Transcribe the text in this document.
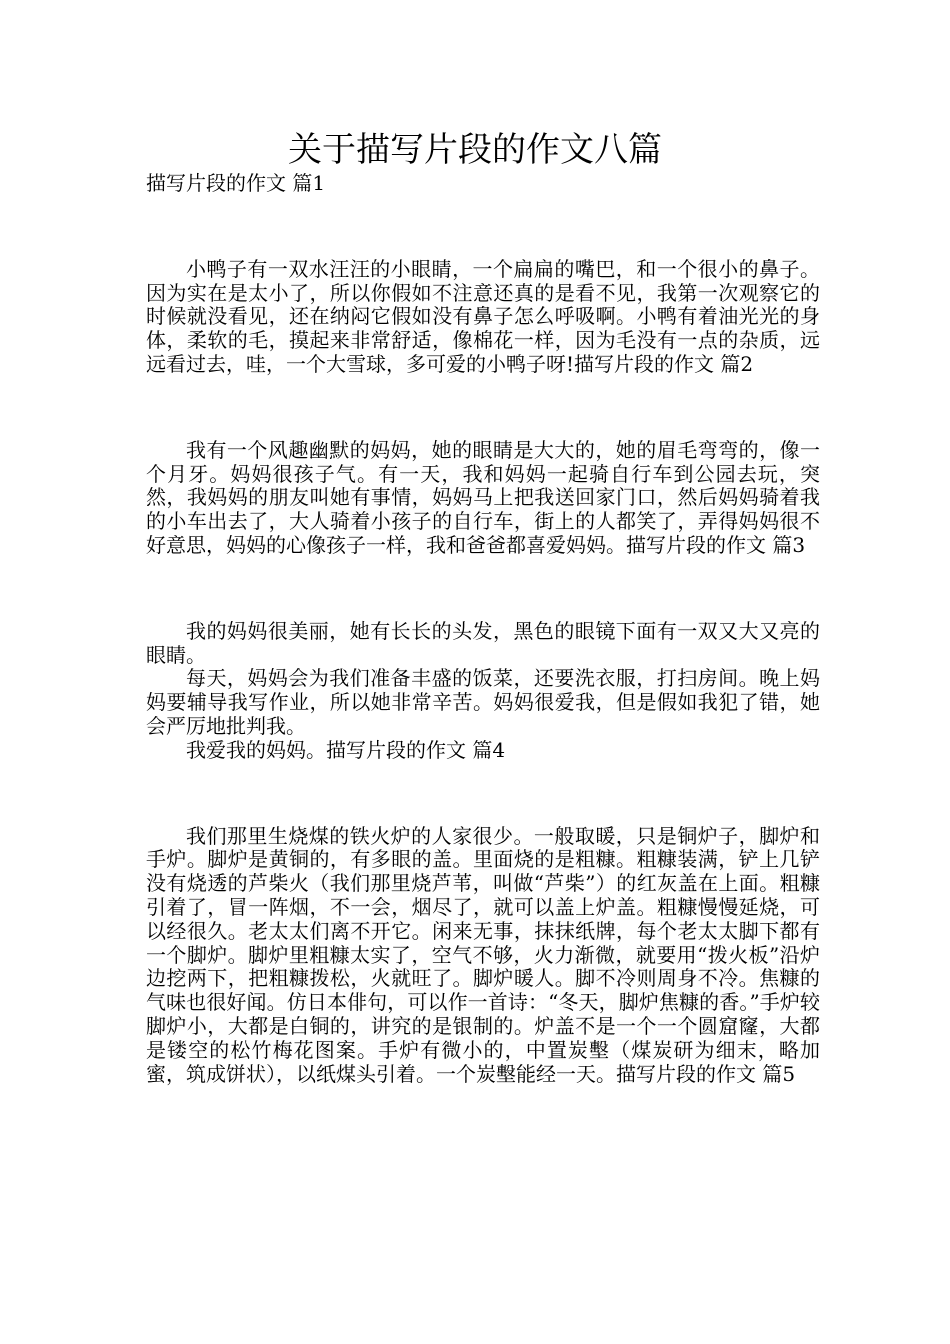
关于描写片段的作文八篇

描写片段的作文 篇1

小鸭子有一双水汪汪的小眼睛，一个扁扁的嘴巴，和一个很小的鼻子。因为实在是太小了，所以你假如不注意还真的是看不见，我第一次观察它的时候就没看见，还在纳闷它假如没有鼻子怎么呼吸啊。小鸭有着油光光的身体，柔软的毛，摸起来非常舒适，像棉花一样，因为毛没有一点的杂质，远远看过去，哇，一个大雪球，多可爱的小鸭子呀!描写片段的作文 篇2

我有一个风趣幽默的妈妈，她的眼睛是大大的，她的眉毛弯弯的，像一个月牙。妈妈很孩子气。有一天，我和妈妈一起骑自行车到公园去玩，突然，我妈妈的朋友叫她有事情，妈妈马上把我送回家门口，然后妈妈骑着我的小车出去了，大人骑着小孩子的自行车，街上的人都笑了，弄得妈妈很不好意思，妈妈的心像孩子一样，我和爸爸都喜爱妈妈。描写片段的作文 篇3

我的妈妈很美丽，她有长长的头发，黑色的眼镜下面有一双又大又亮的眼睛。

每天，妈妈会为我们准备丰盛的饭菜，还要洗衣服，打扫房间。晚上妈妈要辅导我写作业，所以她非常辛苦。妈妈很爱我，但是假如我犯了错，她会严厉地批判我。

我爱我的妈妈。描写片段的作文 篇4

我们那里生烧煤的铁火炉的人家很少。一般取暖，只是铜炉子，脚炉和手炉。脚炉是黄铜的，有多眼的盖。里面烧的是粗糠。粗糠装满，铲上几铲没有烧透的芦柴火（我们那里烧芦苇，叫做“芦柴”）的红灰盖在上面。粗糠引着了，冒一阵烟，不一会，烟尽了，就可以盖上炉盖。粗糠慢慢延烧，可以经很久。老太太们离不开它。闲来无事，抹抹纸牌，每个老太太脚下都有一个脚炉。脚炉里粗糠太实了，空气不够，火力渐微，就要用“拨火板”沿炉边挖两下，把粗糠拨松，火就旺了。脚炉暖人。脚不冷则周身不冷。焦糠的气味也很好闻。仿日本俳句，可以作一首诗：“冬天，脚炉焦糠的香。”手炉较脚炉小，大都是白铜的，讲究的是银制的。炉盖不是一个一个圆窟窿，大都是镂空的松竹梅花图案。手炉有微小的，中置炭墼（煤炭研为细末，略加蜜，筑成饼状），以纸煤头引着。一个炭墼能经一天。描写片段的作文 篇5
